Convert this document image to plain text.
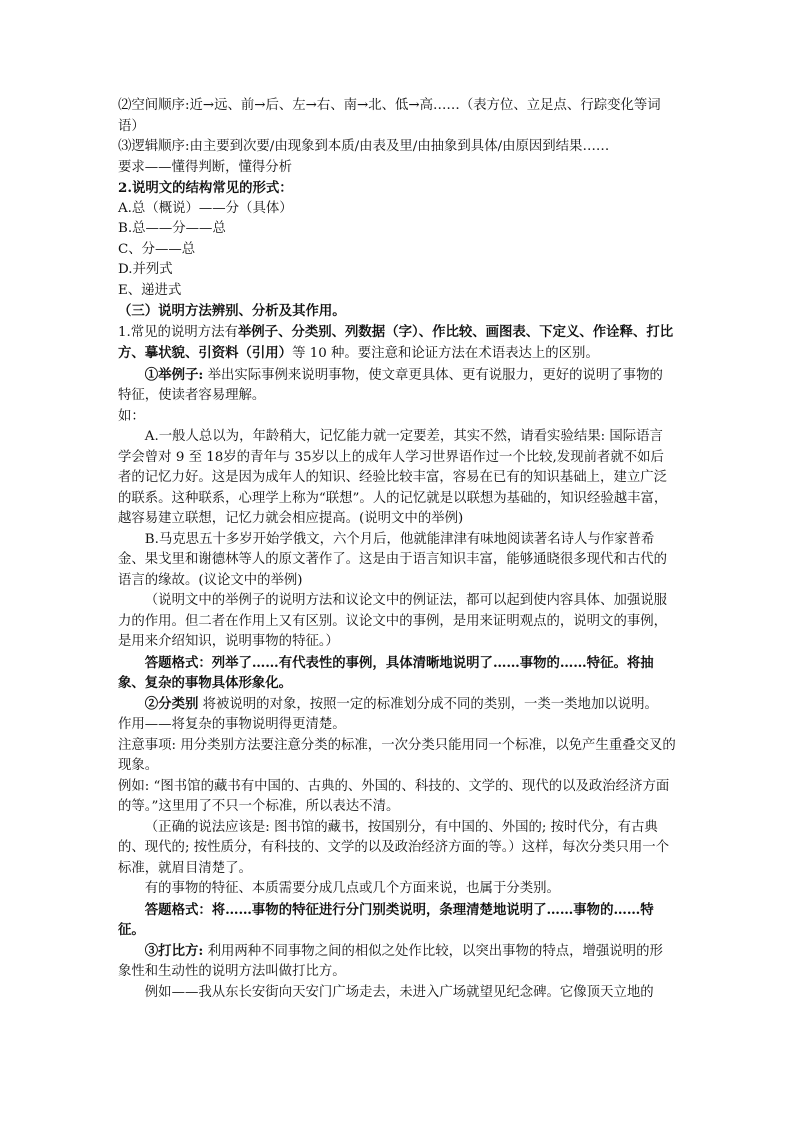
⑵空间顺序:近→远、前→后、左→右、南→北、低→高……（表方位、立足点、行踪变化等词语）

⑶逻辑顺序:由主要到次要/由现象到本质/由表及里/由抽象到具体/由原因到结果……

要求——懂得判断，懂得分析

2.说明文的结构常见的形式：

A.总（概说）——分（具体）

B.总——分——总

C、分——总

D.并列式

E、递进式

（三）说明方法辨别、分析及其作用。

1.常见的说明方法有举例子、分类别、列数据（字）、作比较、画图表、下定义、作诠释、打比方、摹状貌、引资料（引用）等 10 种。要注意和论证方法在术语表达上的区别。

①举例子: 举出实际事例来说明事物，使文章更具体、更有说服力，更好的说明了事物的特征，使读者容易理解。

如：

A.一般人总以为，年龄稍大，记忆能力就一定要差，其实不然，请看实验结果: 国际语言学会曾对 9 至 18岁的青年与 35岁以上的成年人学习世界语作过一个比较,发现前者就不如后者的记忆力好。这是因为成年人的知识、经验比较丰富，容易在已有的知识基础上，建立广泛的联系。这种联系，心理学上称为“联想”。人的记忆就是以联想为基础的，知识经验越丰富，越容易建立联想，记忆力就会相应提高。(说明文中的举例)

B.马克思五十多岁开始学俄文，六个月后，他就能津津有味地阅读著名诗人与作家普希金、果戈里和谢德林等人的原文著作了。这是由于语言知识丰富，能够通晓很多现代和古代的语言的缘故。(议论文中的举例)

（说明文中的举例子的说明方法和议论文中的例证法，都可以起到使内容具体、加强说服力的作用。但二者在作用上又有区别。议论文中的事例，是用来证明观点的，说明文的事例，是用来介绍知识，说明事物的特征。）

答题格式：列举了……有代表性的事例，具体清晰地说明了……事物的……特征。将抽象、复杂的事物具体形象化。

②分类别 将被说明的对象，按照一定的标准划分成不同的类别，一类一类地加以说明。

作用——将复杂的事物说明得更清楚。

注意事项: 用分类别方法要注意分类的标准，一次分类只能用同一个标准，以免产生重叠交叉的现象。

例如: “图书馆的藏书有中国的、古典的、外国的、科技的、文学的、现代的以及政治经济方面的等。”这里用了不只一个标准，所以表达不清。

（正确的说法应该是: 图书馆的藏书，按国别分，有中国的、外国的; 按时代分，有古典的、现代的; 按性质分，有科技的、文学的以及政治经济方面的等。）这样，每次分类只用一个标准，就眉目清楚了。

有的事物的特征、本质需要分成几点或几个方面来说，也属于分类别。

答题格式：将……事物的特征进行分门别类说明，条理清楚地说明了……事物的……特征。

③打比方: 利用两种不同事物之间的相似之处作比较，以突出事物的特点，增强说明的形象性和生动性的说明方法叫做打比方。

例如——我从东长安街向天安门广场走去，未进入广场就望见纪念碑。它像顶天立地的
